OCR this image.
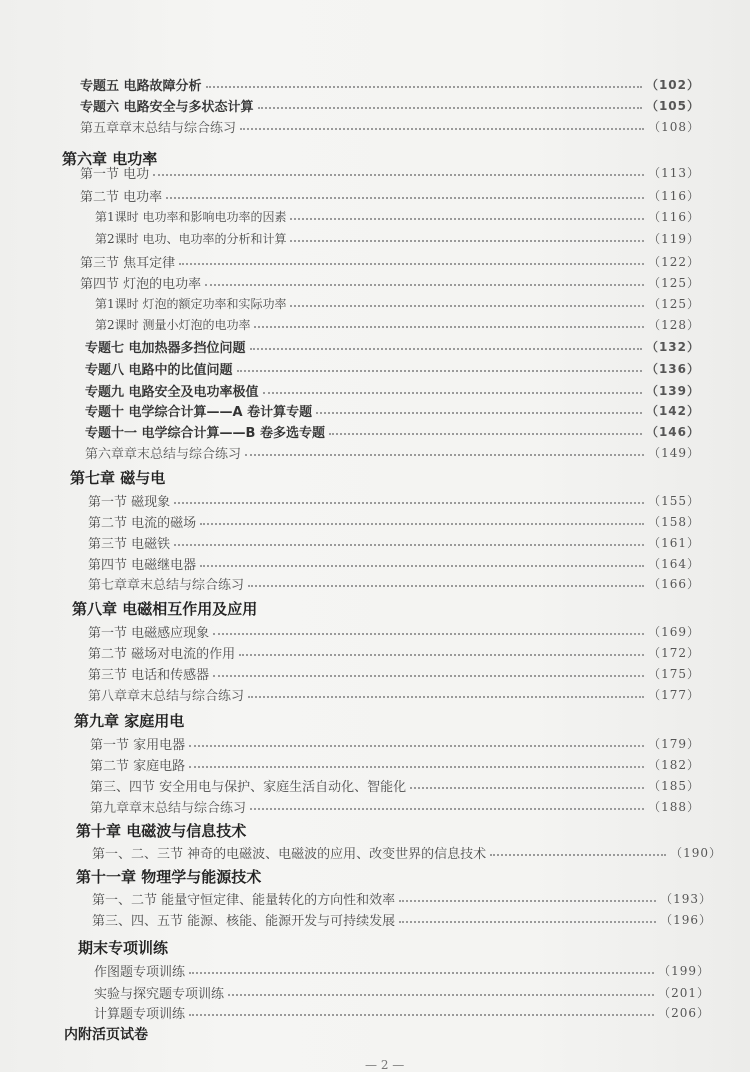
专题五 电路故障分析	（102）
专题六 电路安全与多状态计算	（105）
第五章章末总结与综合练习	（108）
第六章 电功率
第一节 电功	（113）
第二节 电功率	（116）
第1课时 电功率和影响电功率的因素	（116）
第2课时 电功、电功率的分析和计算	（119）
第三节 焦耳定律	（122）
第四节 灯泡的电功率	（125）
第1课时 灯泡的额定功率和实际功率	（125）
第2课时 测量小灯泡的电功率	（128）
专题七 电加热器多挡位问题	（132）
专题八 电路中的比值问题	（136）
专题九 电路安全及电功率极值	（139）
专题十 电学综合计算——A 卷计算专题	（142）
专题十一 电学综合计算——B 卷多选专题	（146）
第六章章末总结与综合练习	（149）
第七章 磁与电
第一节 磁现象	（155）
第二节 电流的磁场	（158）
第三节 电磁铁	（161）
第四节 电磁继电器	（164）
第七章章末总结与综合练习	（166）
第八章 电磁相互作用及应用
第一节 电磁感应现象	（169）
第二节 磁场对电流的作用	（172）
第三节 电话和传感器	（175）
第八章章末总结与综合练习	（177）
第九章 家庭用电
第一节 家用电器	（179）
第二节 家庭电路	（182）
第三、四节 安全用电与保护、家庭生活自动化、智能化	（185）
第九章章末总结与综合练习	（188）
第十章 电磁波与信息技术
第一、二、三节 神奇的电磁波、电磁波的应用、改变世界的信息技术	（190）
第十一章 物理学与能源技术
第一、二节 能量守恒定律、能量转化的方向性和效率	（193）
第三、四、五节 能源、核能、能源开发与可持续发展	（196）
期末专项训练
作图题专项训练	（199）
实验与探究题专项训练	（201）
计算题专项训练	（206）
内附活页试卷
— 2 —
